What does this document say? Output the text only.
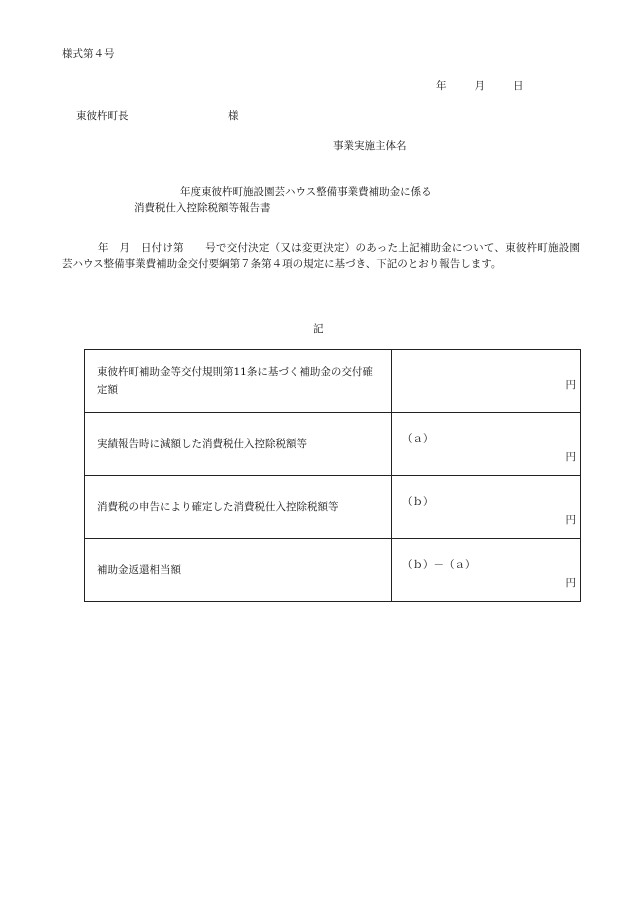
様式第４号
年	月	日
東彼杵町長	様
事業実施主体名
年度東彼杵町施設園芸ハウス整備事業費補助金に係る
消費税仕入控除税額等報告書
年　月　日付け第　　号で交付決定（又は変更決定）のあった上記補助金について、東彼杵町施設園芸ハウス整備事業費補助金交付要綱第７条第４項の規定に基づき、下記のとおり報告します。
記
東彼杵町補助金等交付規則第11条に基づく補助金の交付確定額	円

実績報告時に減額した消費税仕入控除税額等	（ａ）
円

消費税の申告により確定した消費税仕入控除税額等	（ｂ）
円

補助金返還相当額	（ｂ）－（ａ）
円
